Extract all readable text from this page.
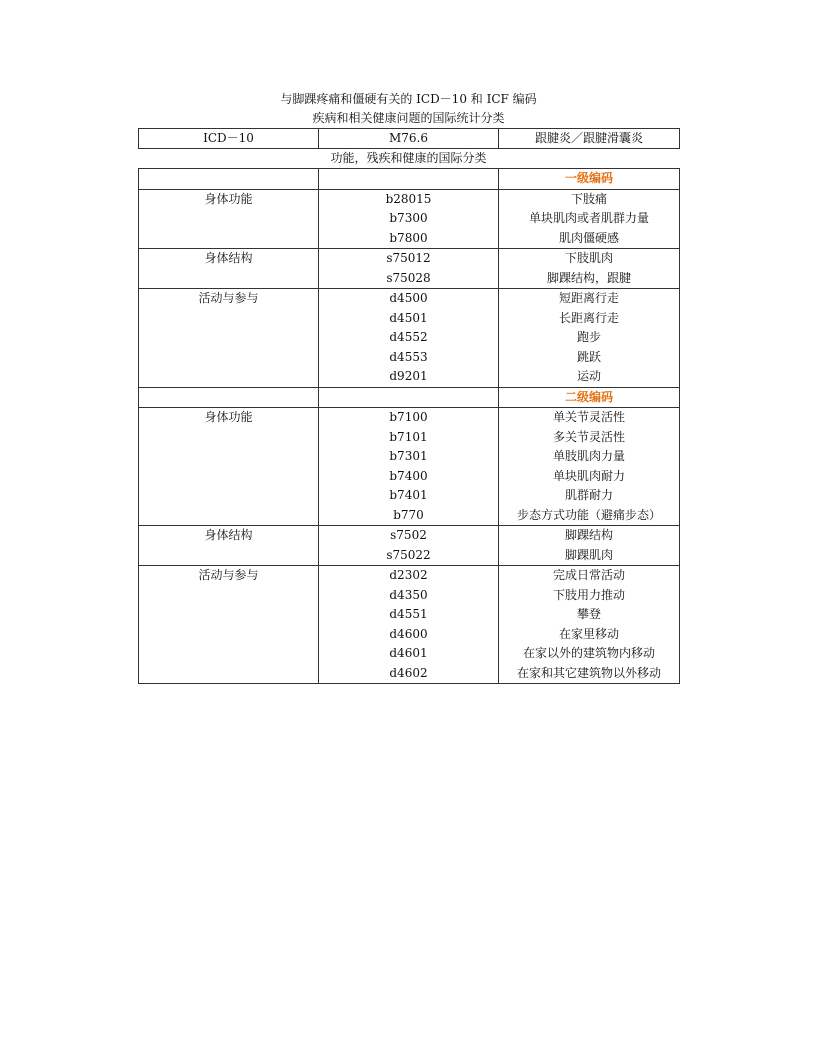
与脚踝疼痛和僵硬有关的 ICD－10 和 ICF 编码
疾病和相关健康问题的国际统计分类
ICD－10	M76.6	跟腱炎／跟腱滑囊炎
功能，残疾和健康的国际分类
		一级编码
身体功能	b28015	下肢痛
	b7300	单块肌肉或者肌群力量
	b7800	肌肉僵硬感
身体结构	s75012	下肢肌肉
	s75028	脚踝结构，跟腱
活动与参与	d4500	短距离行走
	d4501	长距离行走
	d4552	跑步
	d4553	跳跃
	d9201	运动
		二级编码
身体功能	b7100	单关节灵活性
	b7101	多关节灵活性
	b7301	单肢肌肉力量
	b7400	单块肌肉耐力
	b7401	肌群耐力
	b770	步态方式功能（避痛步态）
身体结构	s7502	脚踝结构
	s75022	脚踝肌肉
活动与参与	d2302	完成日常活动
	d4350	下肢用力推动
	d4551	攀登
	d4600	在家里移动
	d4601	在家以外的建筑物内移动
	d4602	在家和其它建筑物以外移动
